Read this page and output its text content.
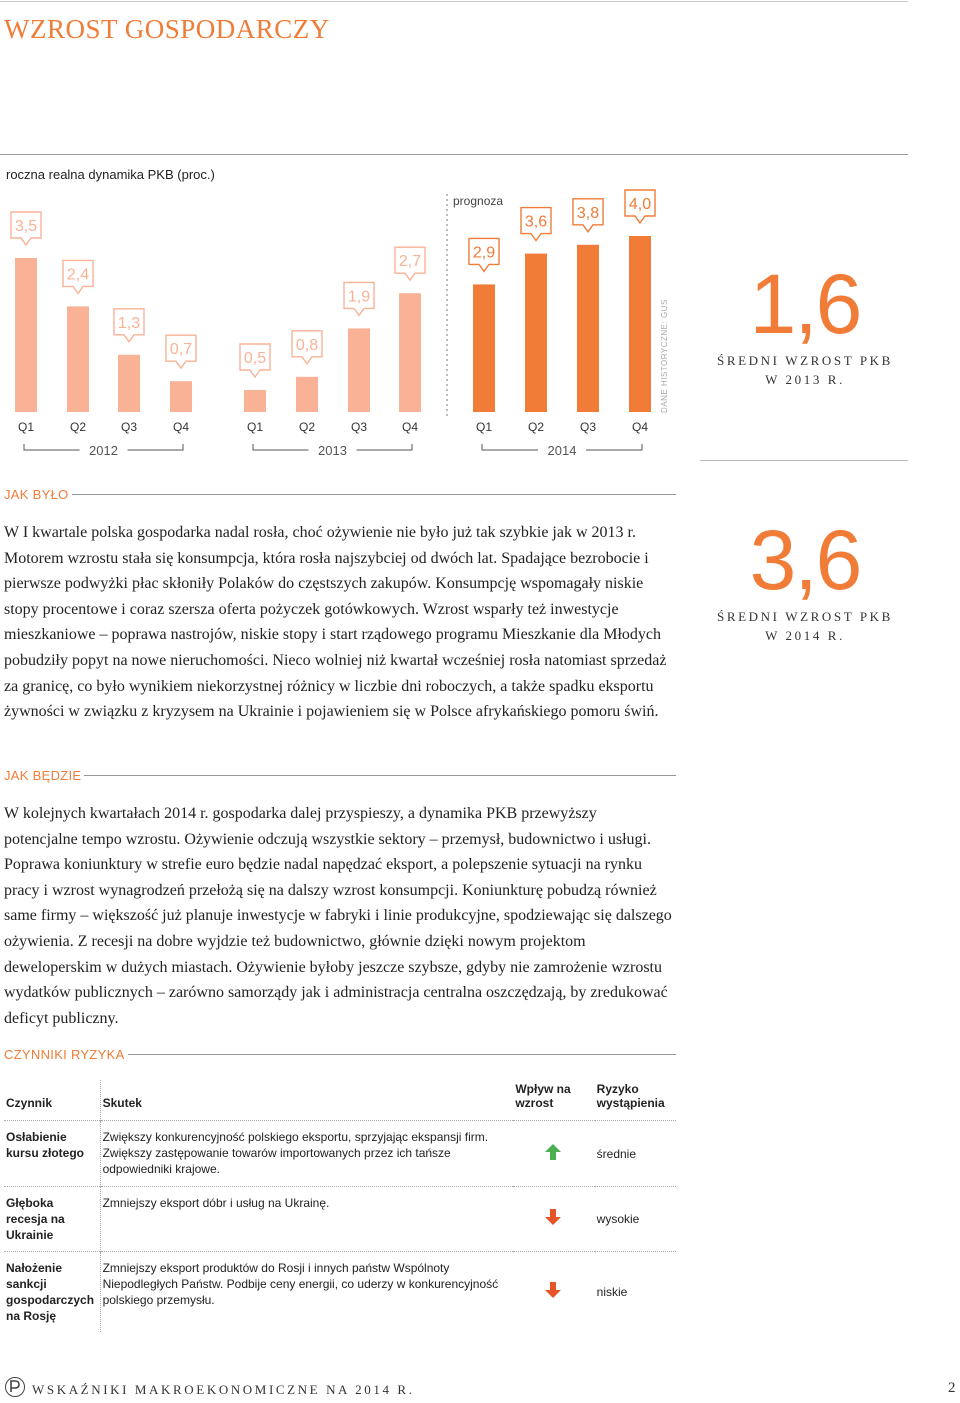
WZROST GOSPODARCZY
roczna realna dynamika PKB (proc.)
prognoza
3,5
Q1
2,4
Q2
1,3
Q3
0,7
Q4
0,5
Q1
0,8
Q2
1,9
Q3
2,7
Q4
2,9
Q1
3,6
Q2
3,8
Q3
4,0
Q4
2012	2013	2014
DANE HISTORYCZNE: GUS 1,6
ŚREDNI WZROST PKB
W 2013 R.
JAK BYŁO
W I kwartale polska gospodarka nadal rosła, choć ożywienie nie było już tak szybkie jak w 2013 r. Motorem wzrostu stała się konsumpcja, która rosła najszybciej od dwóch lat. Spadające bezrobocie i pierwsze podwyżki płac skłoniły Polaków do częstszych zakupów. Konsumpcję wspomagały niskie stopy procentowe i coraz szersza oferta pożyczek gotówkowych. Wzrost wsparły też inwestycje mieszkaniowe – poprawa nastrojów, niskie stopy i start rządowego programu Mieszkanie dla Młodych pobudziły popyt na nowe nieruchomości. Nieco wolniej niż kwartał wcześniej rosła natomiast sprzedaż za granicę, co było wynikiem niekorzystnej różnicy w liczbie dni roboczych, a także spadku eksportu żywności w związku z kryzysem na Ukrainie i pojawieniem się w Polsce afrykańskiego pomoru świń.
3,6
ŚREDNI WZROST PKB
W 2014 R.
JAK BĘDZIE
W kolejnych kwartałach 2014 r. gospodarka dalej przyspieszy, a dynamika PKB przewyższy potencjalne tempo wzrostu. Ożywienie odczują wszystkie sektory – przemysł, budownictwo i usługi. Poprawa koniunktury w strefie euro będzie nadal napędzać eksport, a polepszenie sytuacji na rynku pracy i wzrost wynagrodzeń przełożą się na dalszy wzrost konsumpcji. Koniunkturę pobudzą również same firmy – większość już planuje inwestycje w fabryki i linie produkcyjne, spodziewając się dalszego ożywienia. Z recesji na dobre wyjdzie też budownictwo, głównie dzięki nowym projektom deweloperskim w dużych miastach. Ożywienie byłoby jeszcze szybsze, gdyby nie zamrożenie wzrostu wydatków publicznych – zarówno samorządy jak i administracja centralna oszczędzają, by zredukować deficyt publiczny.
CZYNNIKI RYZYKA
Czynnik	Skutek	Wpływ na wzrost	Ryzyko wystąpienia
Osłabienie kursu złotego	Zwiększy konkurencyjność polskiego eksportu, sprzyjając ekspansji firm. Zwiększy zastępowanie towarów importowanych przez ich tańsze odpowiedniki krajowe.		średnie
Głęboka recesja na Ukrainie	Zmniejszy eksport dóbr i usług na Ukrainę.		wysokie
Nałożenie sankcji gospodarczych na Rosję	Zmniejszy eksport produktów do Rosji i innych państw Wspólnoty Niepodległych Państw. Podbije ceny energii, co uderzy w konkurencyjność polskiego przemysłu.		niskie
WSKAŹNIKI MAKROEKONOMICZNE NA 2014 R.	2
